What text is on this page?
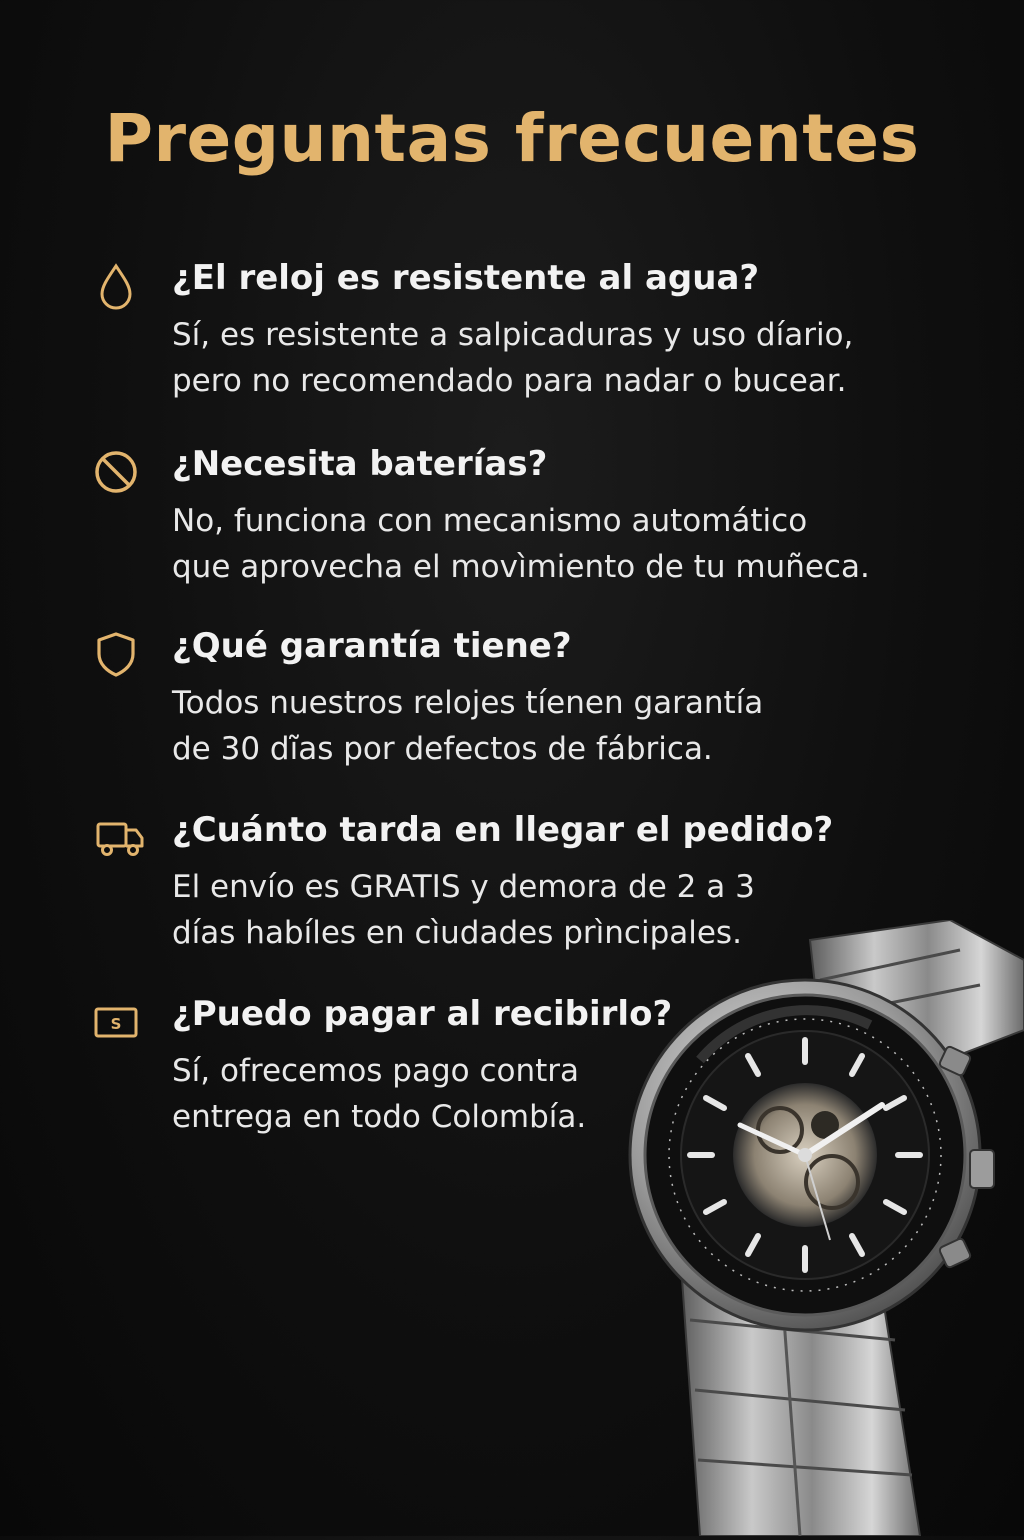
Preguntas frecuentes
¿El reloj es resistente al agua?
Sí, es resistente a salpicaduras y uso díario,
pero no recomendado para nadar o bucear.
¿Necesita baterías?
No, funciona con mecanismo automático
que aprovecha el movìmiento de tu muñeca.
¿Qué garantía tiene?
Todos nuestros relojes tíenen garantía
de 30 dĩas por defectos de fábrica.
¿Cuánto tarda en llegar el pedido?
El envío es GRATIS y demora de 2 a 3
días habíles en cìudades prìncipales.
S ¿Puedo pagar al recibirlo?
Sí, ofrecemos pago contra
entrega en todo Colombía.
